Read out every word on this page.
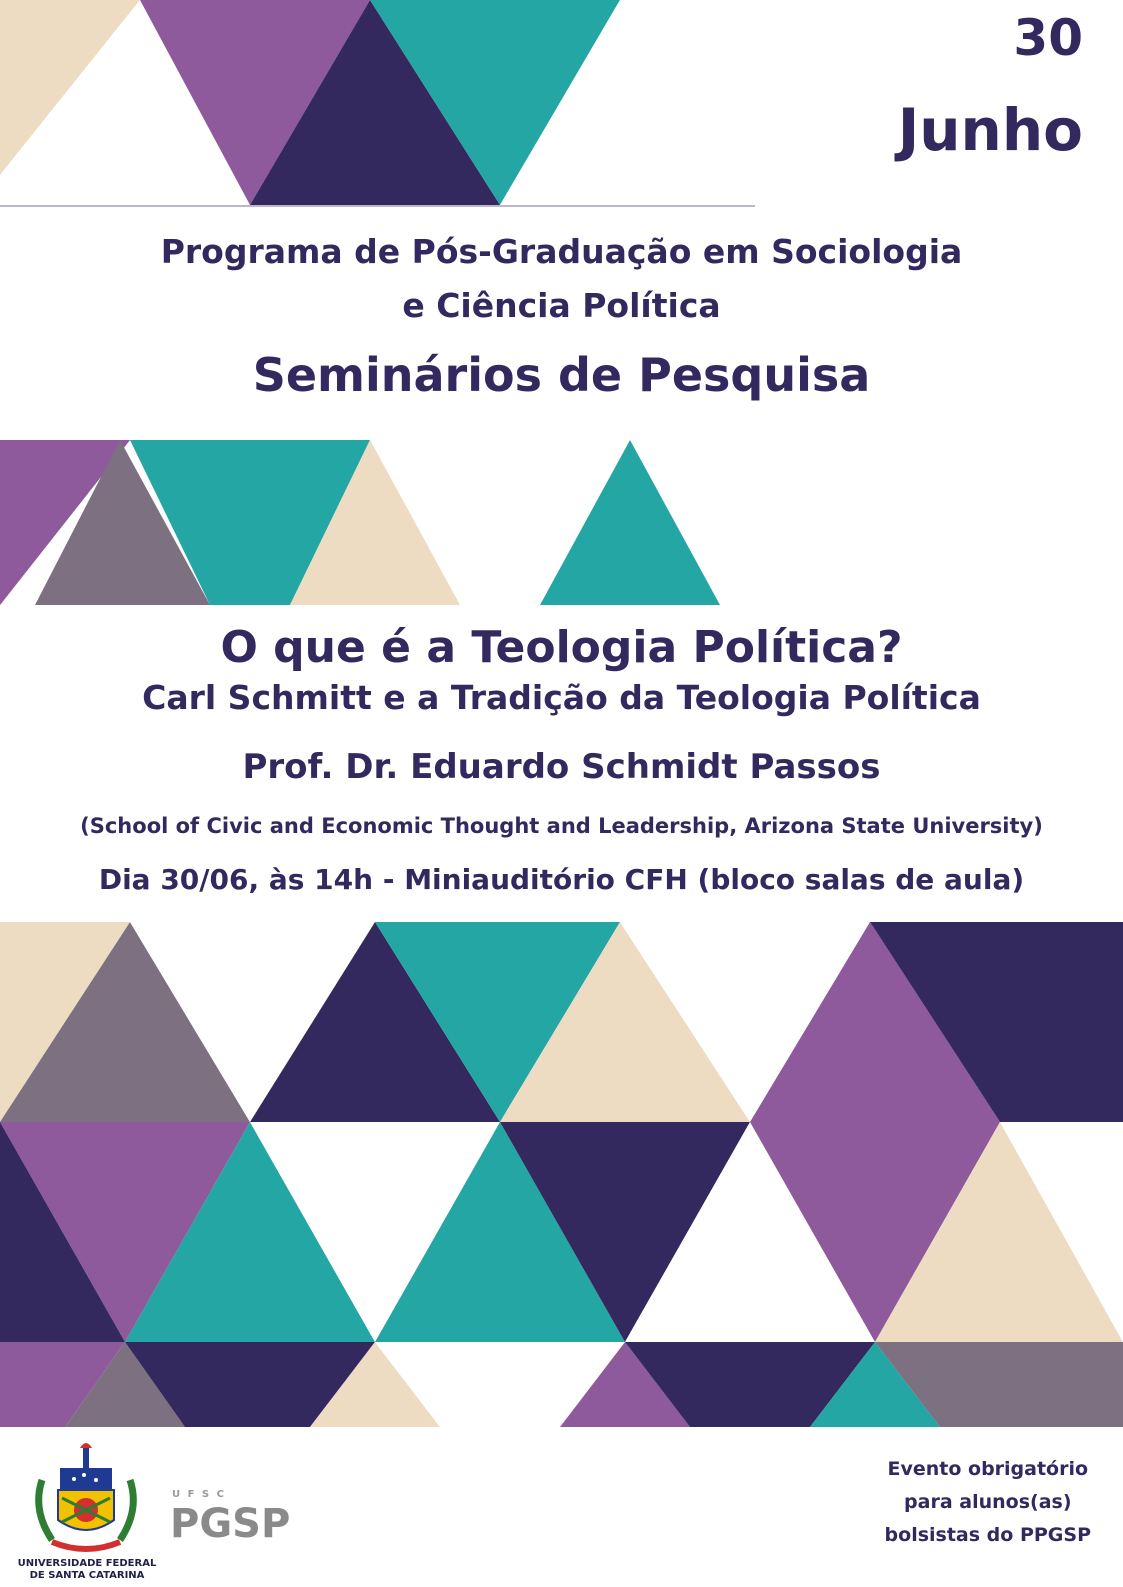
30
Junho
Programa de Pós-Graduação em Sociologia
e Ciência Política
Seminários de Pesquisa
O que é a Teologia Política?
Carl Schmitt e a Tradição da Teologia Política
Prof. Dr. Eduardo Schmidt Passos
(School of Civic and Economic Thought and Leadership, Arizona State University)
Dia 30/06, às 14h - Miniauditório CFH (bloco salas de aula)
UNIVERSIDADE FEDERAL
DE SANTA CATARINA
U F S C
PGSP
Evento obrigatório
para alunos(as)
bolsistas do PPGSP
